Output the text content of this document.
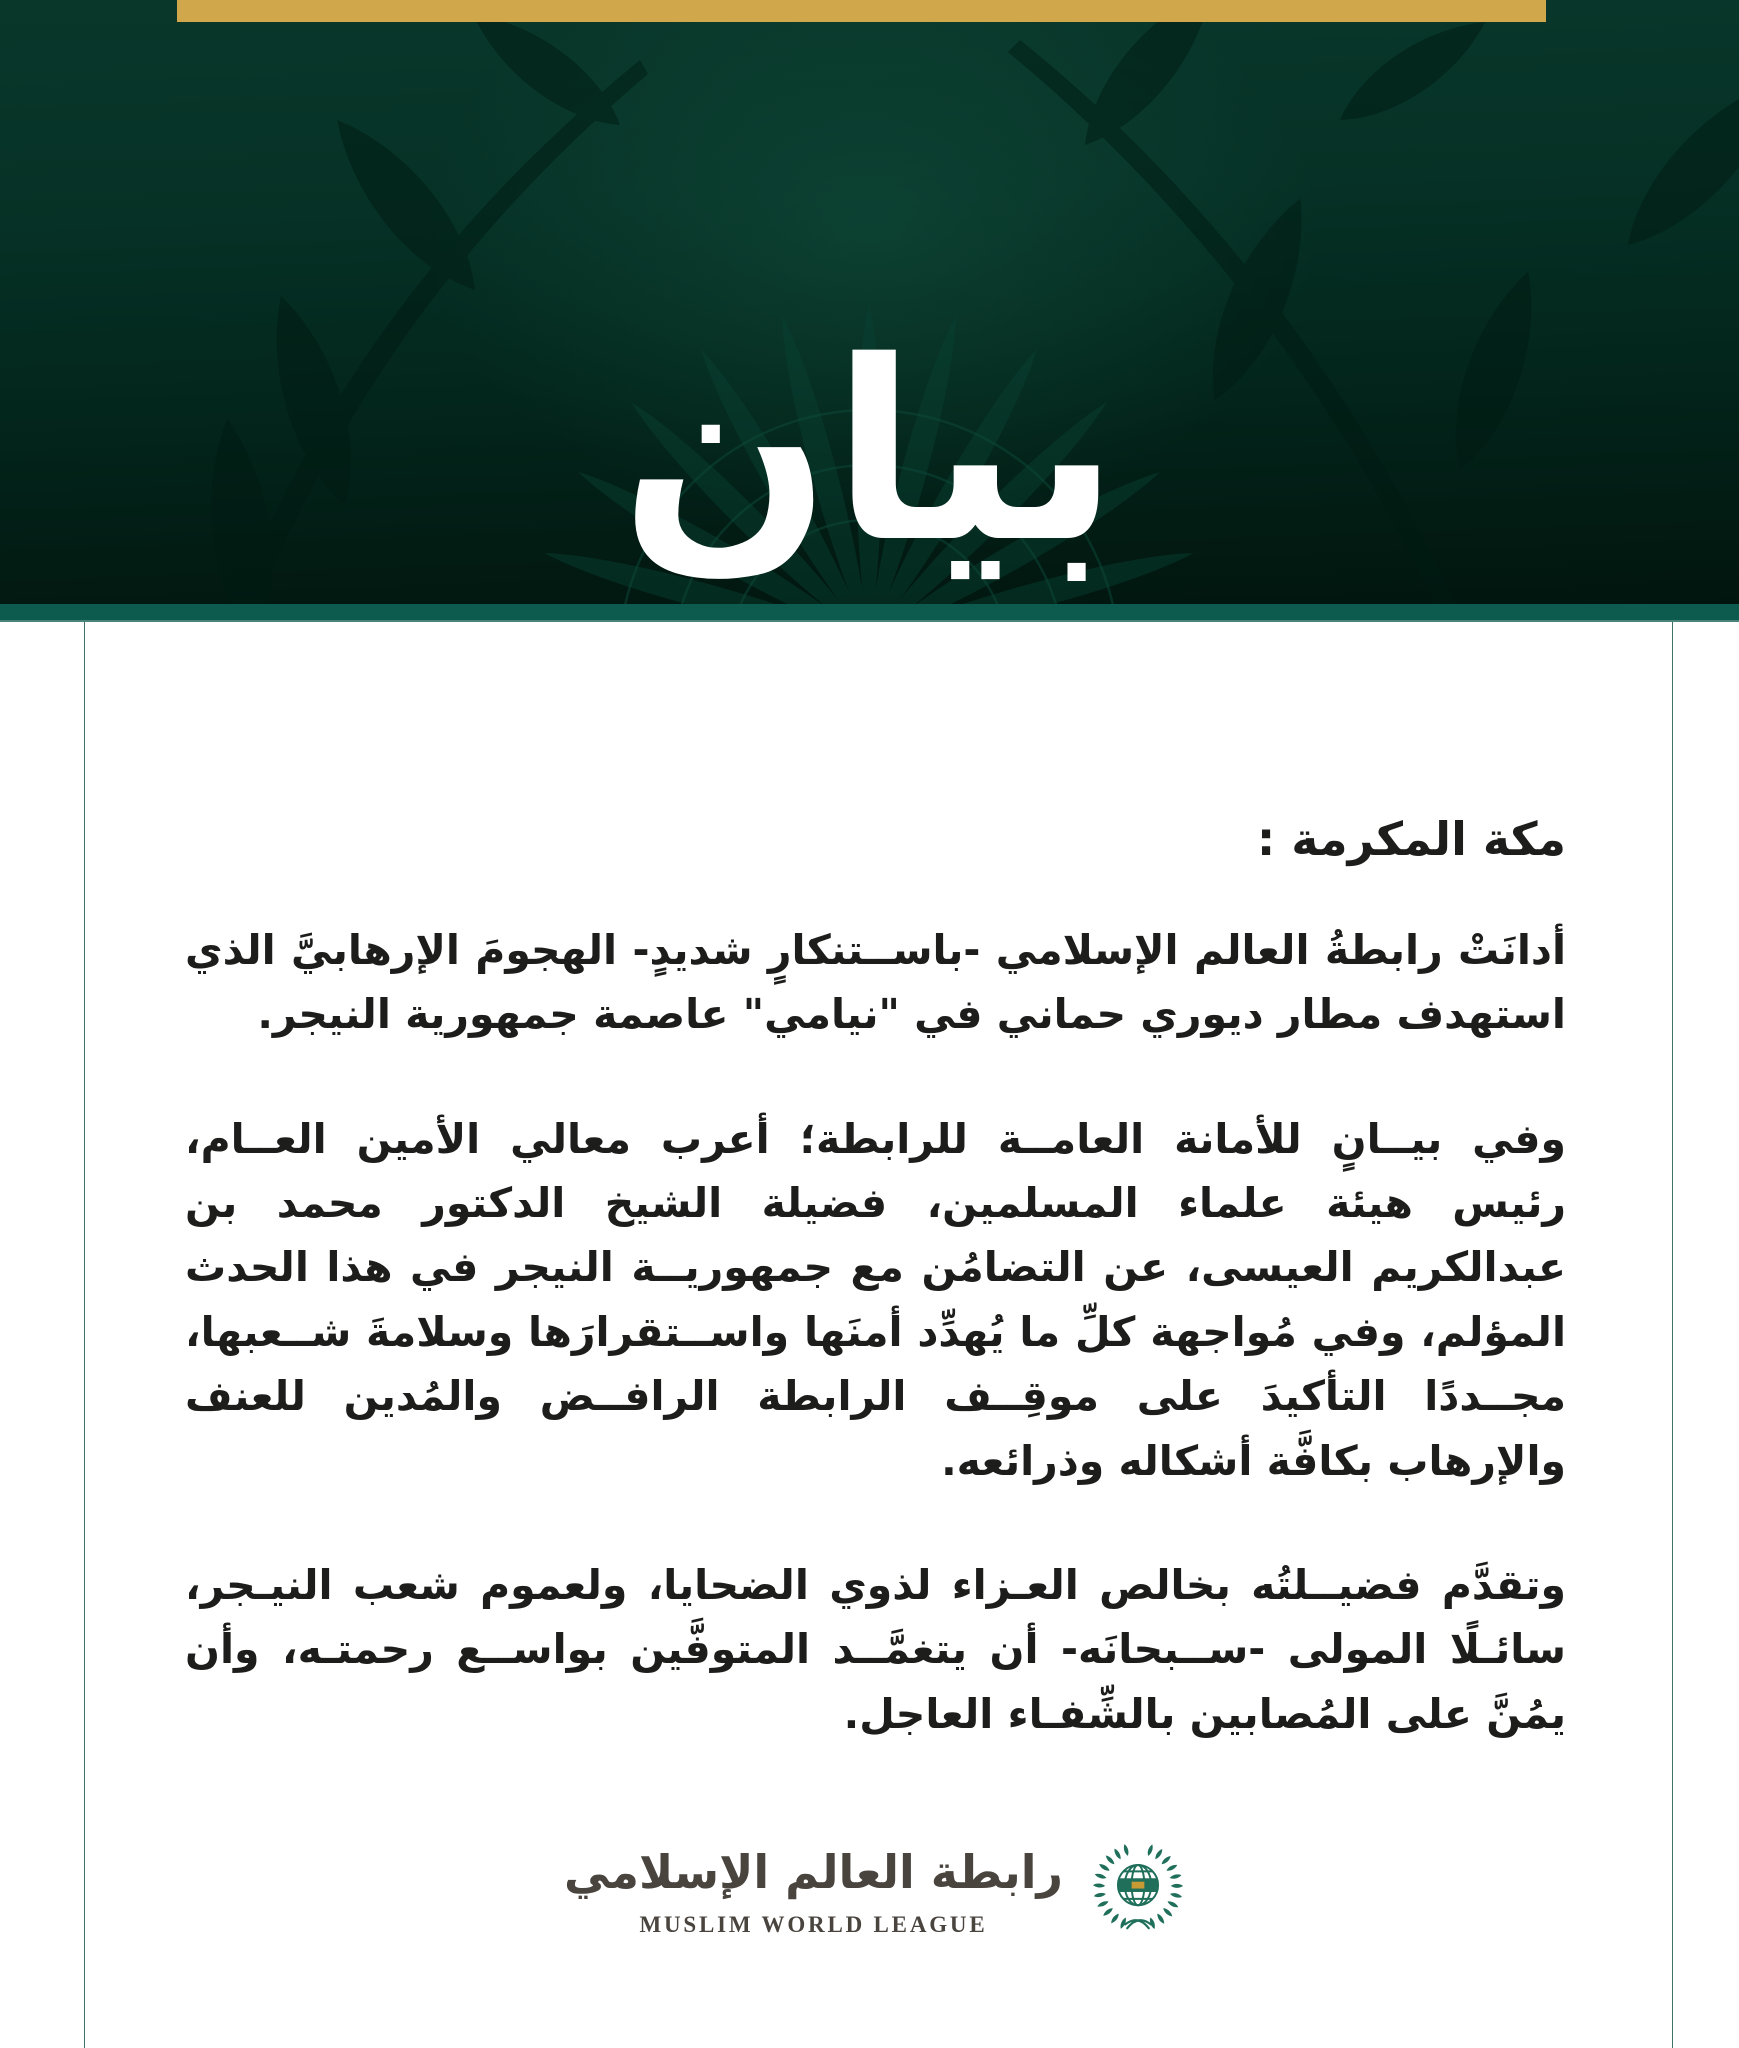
بيان
مكة المكرمة :

أدانَتْ رابطةُ العالم الإسلامي -باســتنكارٍ شديدٍ- الهجومَ الإرهابيَّ الذي استهدف مطار ديوري حماني في "نيامي" عاصمة جمهورية النيجر.

وفي بيــانٍ للأمانة العامــة للرابطة؛ أعرب معالي الأمين العــام، رئيس هيئة علماء المسلمين، فضيلة الشيخ الدكتور محمد بن عبدالكريم العيسى، عن التضامُن مع جمهوريــة النيجر في هذا الحدث المؤلم، وفي مُواجهة كلِّ ما يُهدِّد أمنَها واســتقرارَها وسلامةَ شــعبها، مجــددًا التأكيدَ على موقِــف الرابطة الرافــض والمُدين للعنف والإرهاب بكافَّة أشكاله وذرائعه.

وتقدَّم فضيــلتُه بخالص العـزاء لذوي الضحايا، ولعموم شعب النيـجر، سائـلًا المولى -ســبحانَه- أن يتغمَّــد المتوفَّين بواســع رحمتـه، وأن يمُنَّ على المُصابين بالشِّفـاء العاجل.

رابطة العالم الإسلامي
MUSLIM WORLD LEAGUE
